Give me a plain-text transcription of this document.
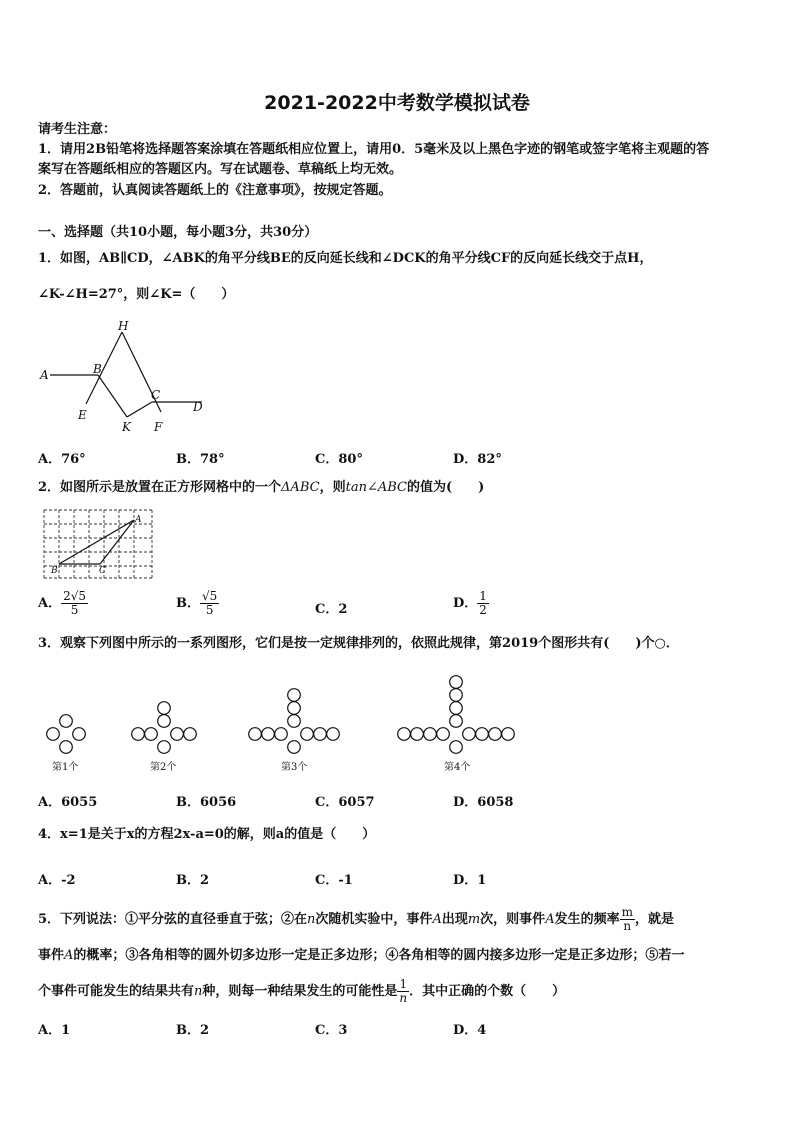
2021-2022中考数学模拟试卷
请考生注意：
1．请用2B铅笔将选择题答案涂填在答题纸相应位置上，请用0．5毫米及以上黑色字迹的钢笔或签字笔将主观题的答
案写在答题纸相应的答题区内。写在试题卷、草稿纸上均无效。
2．答题前，认真阅读答题纸上的《注意事项》，按规定答题。
一、选择题（共10小题，每小题3分，共30分）
1．如图，AB∥CD，∠ABK的角平分线BE的反向延长线和∠DCK的角平分线CF的反向延长线交于点H，
∠K-∠H=27°，则∠K=（　　）
H
A	B
C
D
E
K F
A．76°	B．78°	C．80°	D．82°
2．如图所示是放置在正方形网格中的一个ΔABC，则tan∠ABC的值为(　　)
A
B	C
A． $\frac{2√5}{5}$	B． $\frac{√5}{5}$	C．2	D． $\frac{1}{2}$
3．观察下列图中所示的一系列图形，它们是按一定规律排列的，依照此规律，第2019个图形共有(　　)个○．
第1个	第2个	第3个	第4个
A．6055	B．6056	C．6057	D．6058
4．x=1是关于x的方程2x-a=0的解，则a的值是（　　）
A．-2	B．2	C．-1	D．1
5．下列说法：①平分弦的直径垂直于弦；②在n次随机实验中，事件A出现m次，则事件A发生的频率 $\frac{m}{n}$ ，就是
事件A的概率；③各角相等的圆外切多边形一定是正多边形；④各角相等的圆内接多边形一定是正多边形；⑤若一
个事件可能发生的结果共有n种，则每一种结果发生的可能性是 $\frac{1}{n}$ ．其中正确的个数（　　）
A．1	B．2	C．3	D．4
